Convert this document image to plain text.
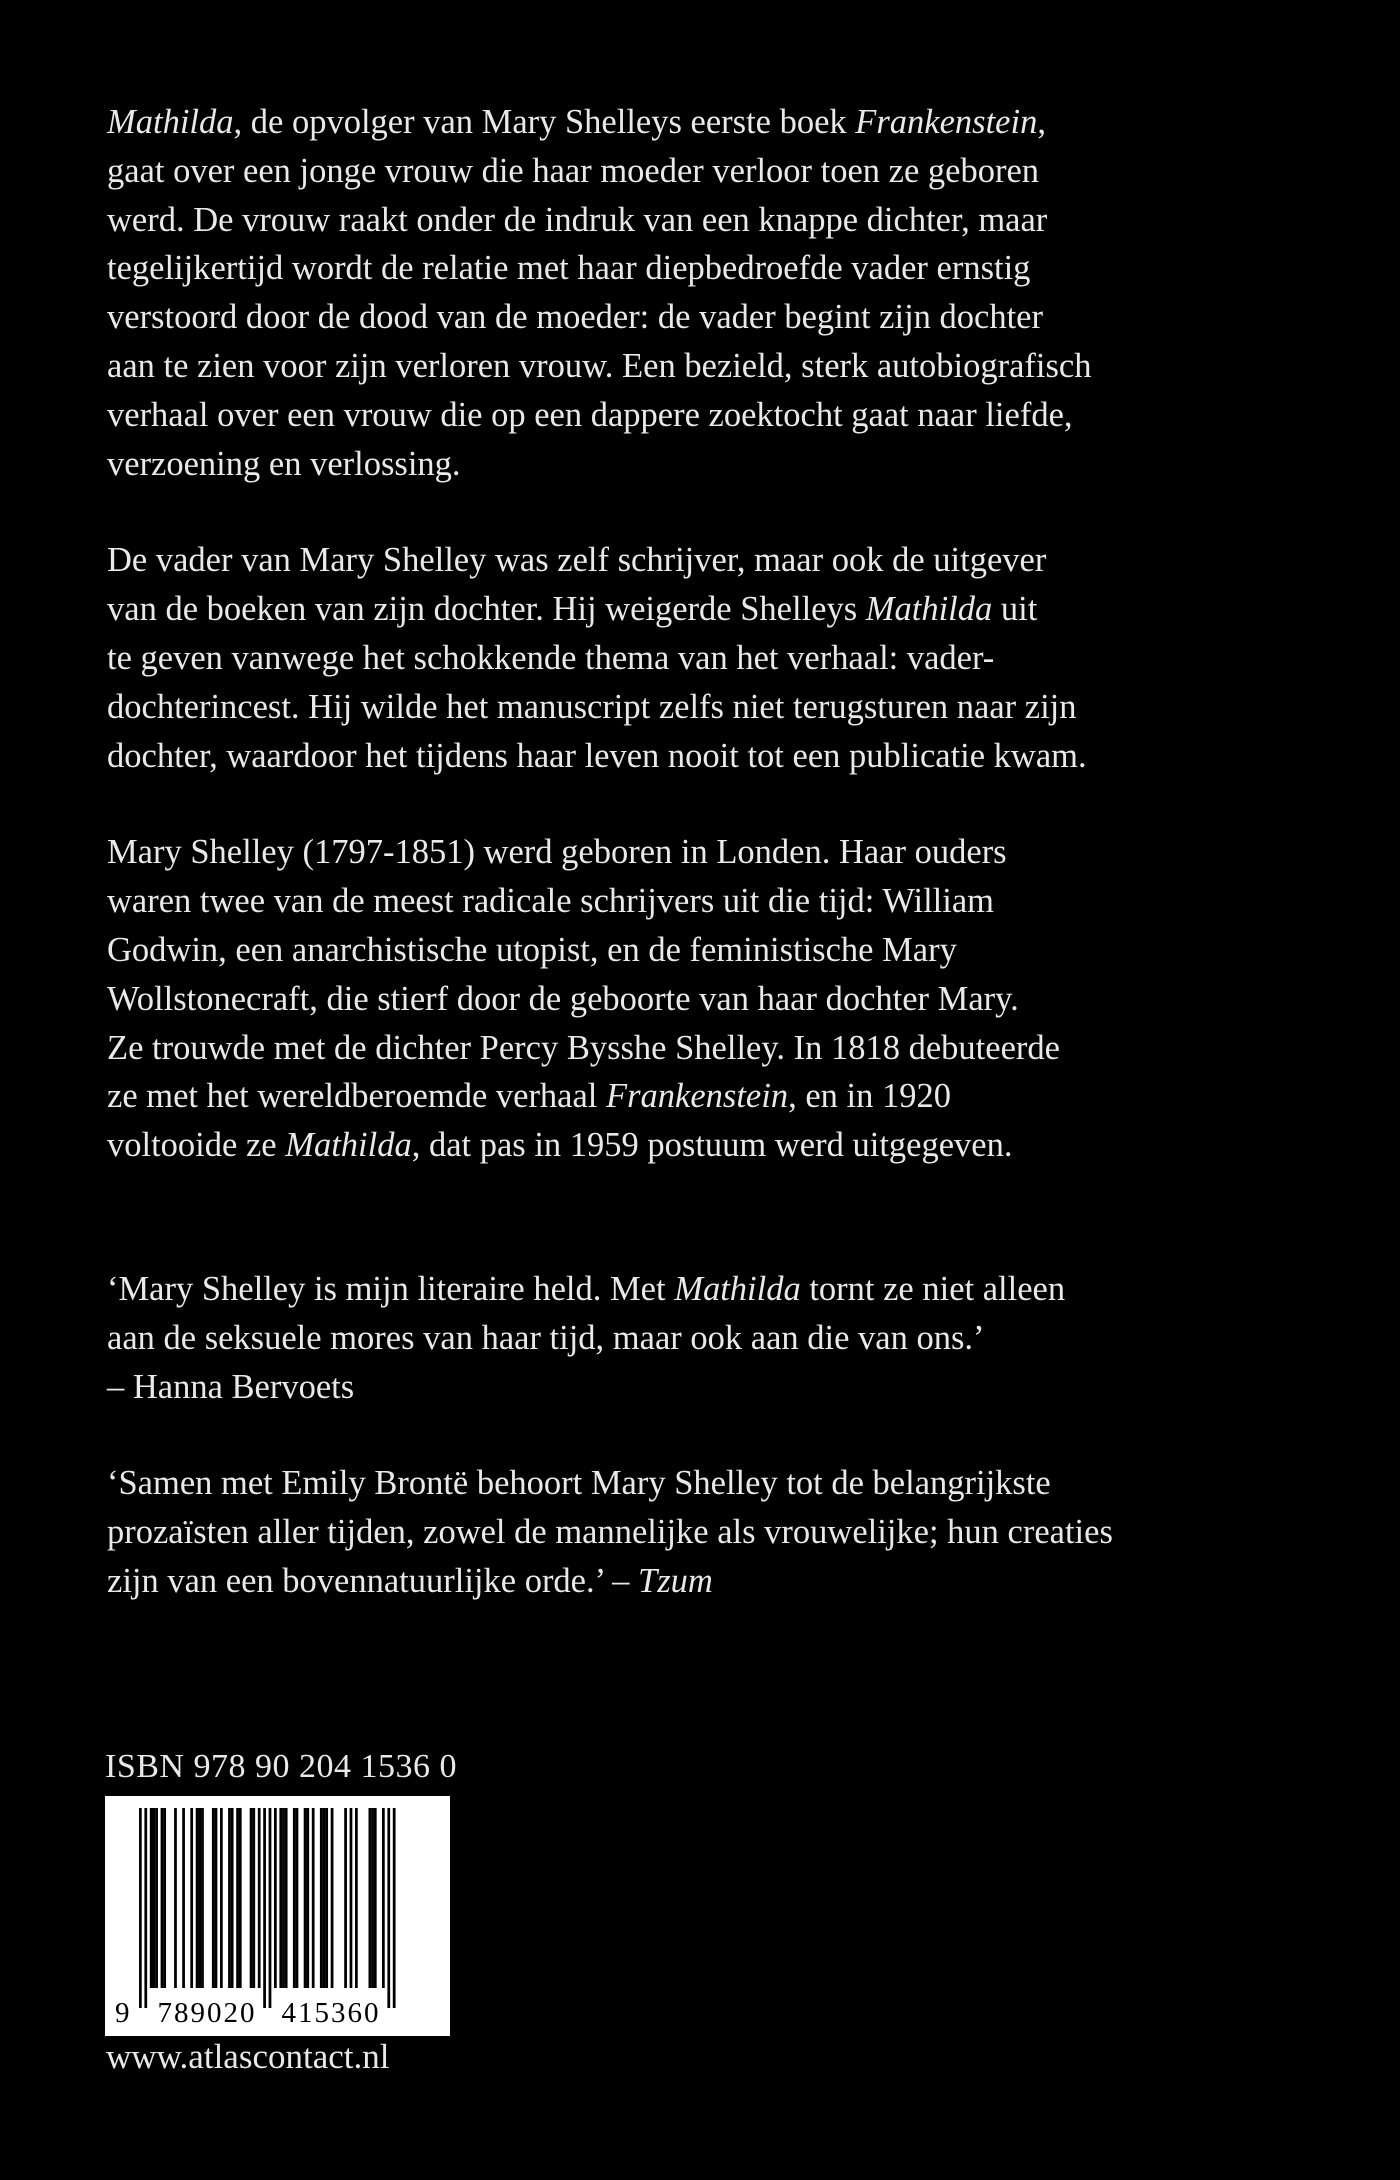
Mathilda, de opvolger van Mary Shelleys eerste boek Frankenstein,
gaat over een jonge vrouw die haar moeder verloor toen ze geboren
werd. De vrouw raakt onder de indruk van een knappe dichter, maar
tegelijkertijd wordt de relatie met haar diepbedroefde vader ernstig
verstoord door de dood van de moeder: de vader begint zijn dochter
aan te zien voor zijn verloren vrouw. Een bezield, sterk autobiografisch
verhaal over een vrouw die op een dappere zoektocht gaat naar liefde,
verzoening en verlossing.

De vader van Mary Shelley was zelf schrijver, maar ook de uitgever
van de boeken van zijn dochter. Hij weigerde Shelleys Mathilda uit
te geven vanwege het schokkende thema van het verhaal: vader-
dochterincest. Hij wilde het manuscript zelfs niet terugsturen naar zijn
dochter, waardoor het tijdens haar leven nooit tot een publicatie kwam.

Mary Shelley (1797-1851) werd geboren in Londen. Haar ouders
waren twee van de meest radicale schrijvers uit die tijd: William
Godwin, een anarchistische utopist, en de feministische Mary
Wollstonecraft, die stierf door de geboorte van haar dochter Mary.
Ze trouwde met de dichter Percy Bysshe Shelley. In 1818 debuteerde
ze met het wereldberoemde verhaal Frankenstein, en in 1920
voltooide ze Mathilda, dat pas in 1959 postuum werd uitgegeven.

‘Mary Shelley is mijn literaire held. Met Mathilda tornt ze niet alleen
aan de seksuele mores van haar tijd, maar ook aan die van ons.’
– Hanna Bervoets

‘Samen met Emily Brontë behoort Mary Shelley tot de belangrijkste
prozaïsten aller tijden, zowel de mannelijke als vrouwelijke; hun creaties
zijn van een bovennatuurlijke orde.’ – Tzum

ISBN 978 90 204 1536 0
9 789020 415360
www.atlascontact.nl
